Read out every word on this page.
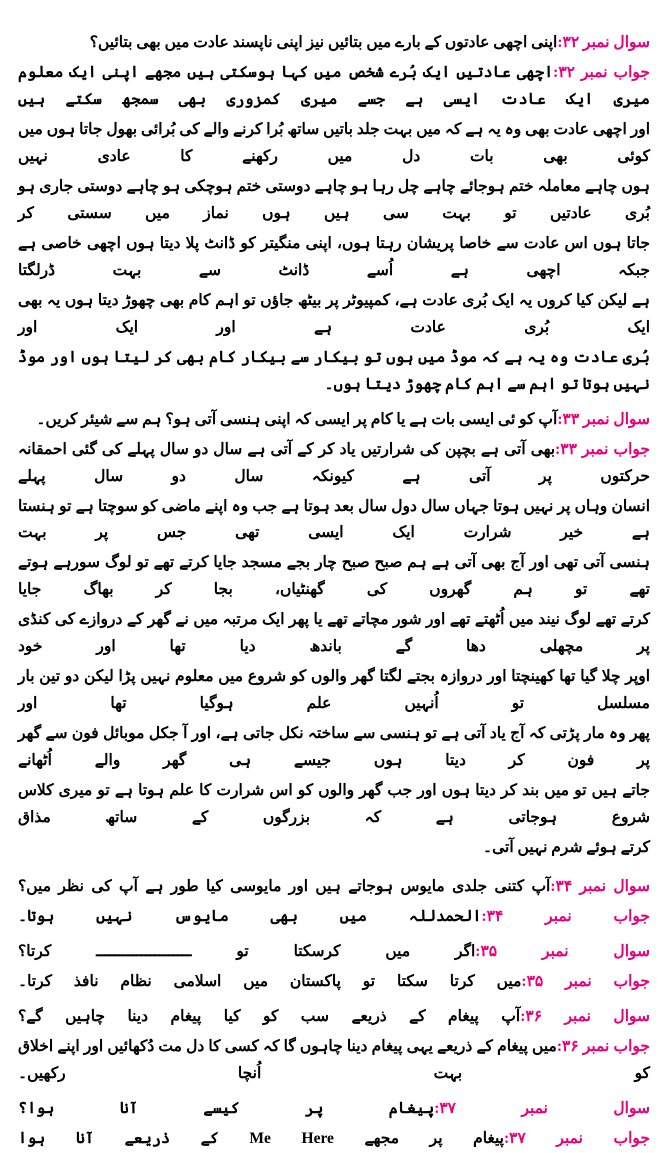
سوال نمبر ۳۲:اپنی اچھی عادتوں کے بارے میں بتائیں نیز اپنی ناپسند عادت میں بھی بتائیں؟

جواب نمبر ۳۲:اچھی عادتیں ایک بُرے شخص میں کہا ہوسکتی ہیں مجھے اپنی ایک معلوم میری ایک عادت ایسی ہے جسے میری کمزوری بھی سمجھ سکتے ہیں

اور اچھی عادت بھی وہ یہ ہے کہ میں بہت جلد باتیں ساتھ بُرا کرنے والے کی بُرائی بھول جاتا ہوں میں کوئی بھی بات دل میں رکھنے کا عادی نہیں

ہوں چاہے معاملہ ختم ہوجائے چاہے چل رہا ہو چاہے دوستی ختم ہوچکی ہو چاہے دوستی جاری ہو بُری عادتیں تو بہت سی ہیں ہوں نماز میں سستی کر

جاتا ہوں اس عادت سے خاصا پریشان رہتا ہوں، اپنی منگیتر کو ڈانٹ پلا دیتا ہوں اچھی خاصی ہے جبکہ اچھی ہے اُسے ڈانٹ سے بہت ڈرلگتا

ہے لیکن کیا کروں یہ ایک بُری عادت ہے، کمپیوٹر پر بیٹھ جاؤں تو اہم کام بھی چھوڑ دیتا ہوں یہ بھی ایک بُری عادت ہے اور ایک اور

بُری عادت وہ یہ ہے کہ موڈ میں ہوں تو بیکار سے بیکار کام بھی کر لیتا ہوں اور موڈ نہیں ہوتا تو اہم سے اہم کام چھوڑ دیتا ہوں۔

سوال نمبر ۳۳:آپ کو ئی ایسی بات ہے یا کام پر ایسی کہ اپنی ہنسی آتی ہو؟ ہم سے شیئر کریں۔

جواب نمبر ۳۳:بھی آتی ہے بچپن کی شرارتیں یاد کر کے آتی ہے سال دو سال پہلے کی گئی احمقانہ حرکتوں پر آتی ہے کیونکہ سال دو سال پہلے

انسان وہاں پر نہیں ہوتا جہاں سال دول سال بعد ہوتا ہے جب وہ اپنے ماضی کو سوچتا ہے تو ہنستا ہے خیر شرارت ایک ایسی تھی جس پر بہت

ہنسی آتی تھی اور آج بھی آتی ہے ہم صبح صبح چار بجے مسجد جایا کرتے تھے تو لوگ سورہے ہوتے تھے تو ہم گھروں کی گھنٹیاں، بجا کر بھاگ جایا

کرتے تھے لوگ نیند میں اُٹھتے تھے اور شور مچاتے تھے یا پھر ایک مرتبہ میں نے گھر کے دروازے کی کنڈی پر مچھلی دھا گے باندھ دیا تھا اور خود

اوپر چلا گیا تھا کھینچتا اور دروازہ بجتے لگتا گھر والوں کو شروع میں معلوم نہیں پڑا لیکن دو تین بار مسلسل تو اُنہیں علم ہوگیا تھا اور

پھر وہ مار پڑتی کہ آج یاد آتی ہے تو ہنسی سے ساختہ نکل جاتی ہے، اور آ جکل موبائل فون سے گھر پر فون کر دیتا ہوں جیسے ہی گھر والے اُٹھانے

جاتے ہیں تو میں بند کر دیتا ہوں اور جب گھر والوں کو اس شرارت کا علم ہوتا ہے تو میری کلاس شروع ہوجاتی ہے کہ بزرگوں کے ساتھ مذاق

کرتے ہوئے شرم نہیں آتی۔

سوال نمبر ۳۴:آپ کتنی جلدی مایوس ہوجاتے ہیں اور مایوسی کیا طور ہے آپ کی نظر میں؟

جواب نمبر ۳۴:الحمدللہ میں بھی مایوس نہیں ہوتا۔

سوال نمبر ۳۵:اگر میں کرسکتا تو ـــــــــــــــــــــ کرتا؟

جواب نمبر ۳۵:میں کرتا سکتا تو پاکستان میں اسلامی نظام نافذ کرتا۔

سوال نمبر ۳۶:آپ پیغام کے ذریعے سب کو کیا پیغام دینا چاہیں گے؟

جواب نمبر ۳۶:میں پیغام کے ذریعے یہی پیغام دینا چاہوں گا کہ کسی کا دل مت دُکھائیں اور اپنے اخلاق کو بہت اُنچا رکھیں۔

سوال نمبر ۳۷:پیغام پر کیسے آنا ہوا؟

جواب نمبر ۳۷:پیغام پر مجھے Me Here کے ذریعے آنا ہوا
